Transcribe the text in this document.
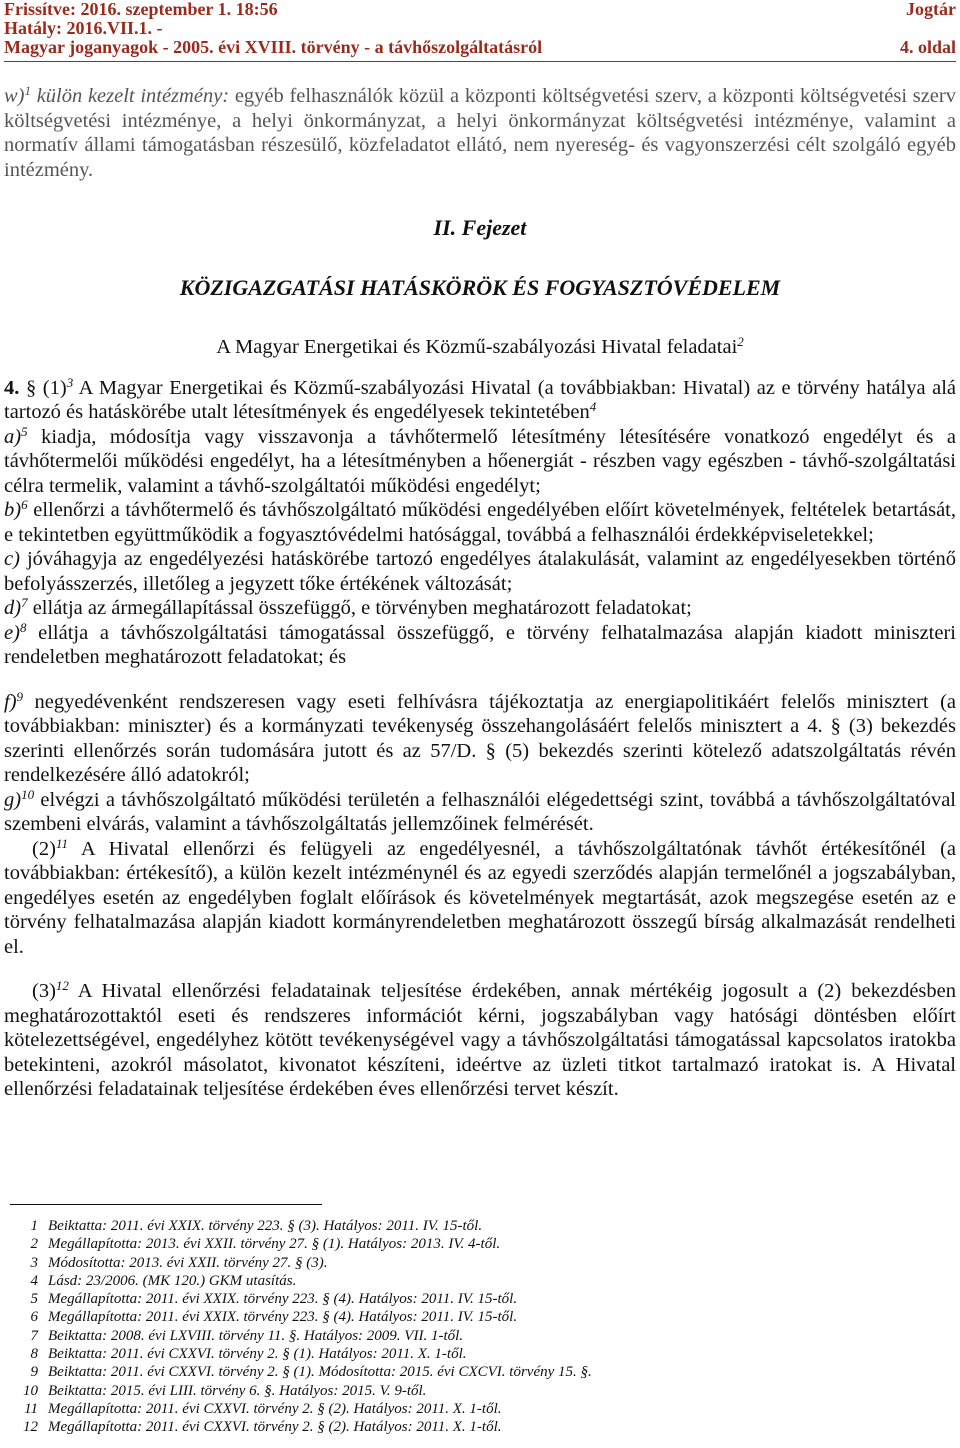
Frissítve: 2016. szeptember 1. 18:56	Jogtár
Hatály: 2016.VII.1. -
Magyar joganyagok - 2005. évi XVIII. törvény - a távhőszolgáltatásról	4. oldal

w)$^1$ külön kezelt intézmény: egyéb felhasználók közül a központi költségvetési szerv, a központi költségvetési szerv költségvetési intézménye, a helyi önkormányzat, a helyi önkormányzat költségvetési intézménye, valamint a normatív állami támogatásban részesülő, közfeladatot ellátó, nem nyereség- és vagyonszerzési célt szolgáló egyéb intézmény.

II. Fejezet

KÖZIGAZGATÁSI HATÁSKÖRÖK ÉS FOGYASZTÓVÉDELEM

A Magyar Energetikai és Közmű-szabályozási Hivatal feladatai$^2$

4. § $(1)^3$ A Magyar Energetikai és Közmű-szabályozási Hivatal (a továbbiakban: Hivatal) az e törvény hatálya alá tartozó és hatáskörébe utalt létesítmények és engedélyesek tekintetében$^4$

a)$^5$ kiadja, módosítja vagy visszavonja a távhőtermelő létesítmény létesítésére vonatkozó engedélyt és a távhőtermelői működési engedélyt, ha a létesítményben a hőenergiát - részben vagy egészben - távhő-szolgáltatási célra termelik, valamint a távhő-szolgáltatói működési engedélyt;

b)$^6$ ellenőrzi a távhőtermelő és távhőszolgáltató működési engedélyében előírt követelmények, feltételek betartását, e tekintetben együttműködik a fogyasztóvédelmi hatósággal, továbbá a felhasználói érdekképviseletekkel;

c) jóváhagyja az engedélyezési hatáskörébe tartozó engedélyes átalakulását, valamint az engedélyesekben történő befolyásszerzés, illetőleg a jegyzett tőke értékének változását;

d)$^7$ ellátja az ármegállapítással összefüggő, e törvényben meghatározott feladatokat;

e)$^8$ ellátja a távhőszolgáltatási támogatással összefüggő, e törvény felhatalmazása alapján kiadott miniszteri rendeletben meghatározott feladatokat; és

f)$^9$ negyedévenként rendszeresen vagy eseti felhívásra tájékoztatja az energiapolitikáért felelős minisztert (a továbbiakban: miniszter) és a kormányzati tevékenység összehangolásáért felelős minisztert a 4. § (3) bekezdés szerinti ellenőrzés során tudomására jutott és az 57/D. § (5) bekezdés szerinti kötelező adatszolgáltatás révén rendelkezésére álló adatokról;

g)$^{10}$ elvégzi a távhőszolgáltató működési területén a felhasználói elégedettségi szint, továbbá a távhőszolgáltatóval szembeni elvárás, valamint a távhőszolgáltatás jellemzőinek felmérését.

$(2)^{11}$ A Hivatal ellenőrzi és felügyeli az engedélyesnél, a távhőszolgáltatónak távhőt értékesítőnél (a továbbiakban: értékesítő), a külön kezelt intézménynél és az egyedi szerződés alapján termelőnél a jogszabályban, engedélyes esetén az engedélyben foglalt előírások és követelmények megtartását, azok megszegése esetén az e törvény felhatalmazása alapján kiadott kormányrendeletben meghatározott összegű bírság alkalmazását rendelheti el.

$(3)^{12}$ A Hivatal ellenőrzési feladatainak teljesítése érdekében, annak mértékéig jogosult a (2) bekezdésben meghatározottaktól eseti és rendszeres információt kérni, jogszabályban vagy hatósági döntésben előírt kötelezettségével, engedélyhez kötött tevékenységével vagy a távhőszolgáltatási támogatással kapcsolatos iratokba betekinteni, azokról másolatot, kivonatot készíteni, ideértve az üzleti titkot tartalmazó iratokat is. A Hivatal ellenőrzési feladatainak teljesítése érdekében éves ellenőrzési tervet készít.

1 Beiktatta: 2011. évi XXIX. törvény 223. § (3). Hatályos: 2011. IV. 15-től.
2 Megállapította: 2013. évi XXII. törvény 27. § (1). Hatályos: 2013. IV. 4-től.
3 Módosította: 2013. évi XXII. törvény 27. § (3).
4 Lásd: 23/2006. (MK 120.) GKM utasítás.
5 Megállapította: 2011. évi XXIX. törvény 223. § (4). Hatályos: 2011. IV. 15-től.
6 Megállapította: 2011. évi XXIX. törvény 223. § (4). Hatályos: 2011. IV. 15-től.
7 Beiktatta: 2008. évi LXVIII. törvény 11. §. Hatályos: 2009. VII. 1-től.
8 Beiktatta: 2011. évi CXXVI. törvény 2. § (1). Hatályos: 2011. X. 1-től.
9 Beiktatta: 2011. évi CXXVI. törvény 2. § (1). Módosította: 2015. évi CXCVI. törvény 15. §.
10 Beiktatta: 2015. évi LIII. törvény 6. §. Hatályos: 2015. V. 9-től.
11 Megállapította: 2011. évi CXXVI. törvény 2. § (2). Hatályos: 2011. X. 1-től.
12 Megállapította: 2011. évi CXXVI. törvény 2. § (2). Hatályos: 2011. X. 1-től.
